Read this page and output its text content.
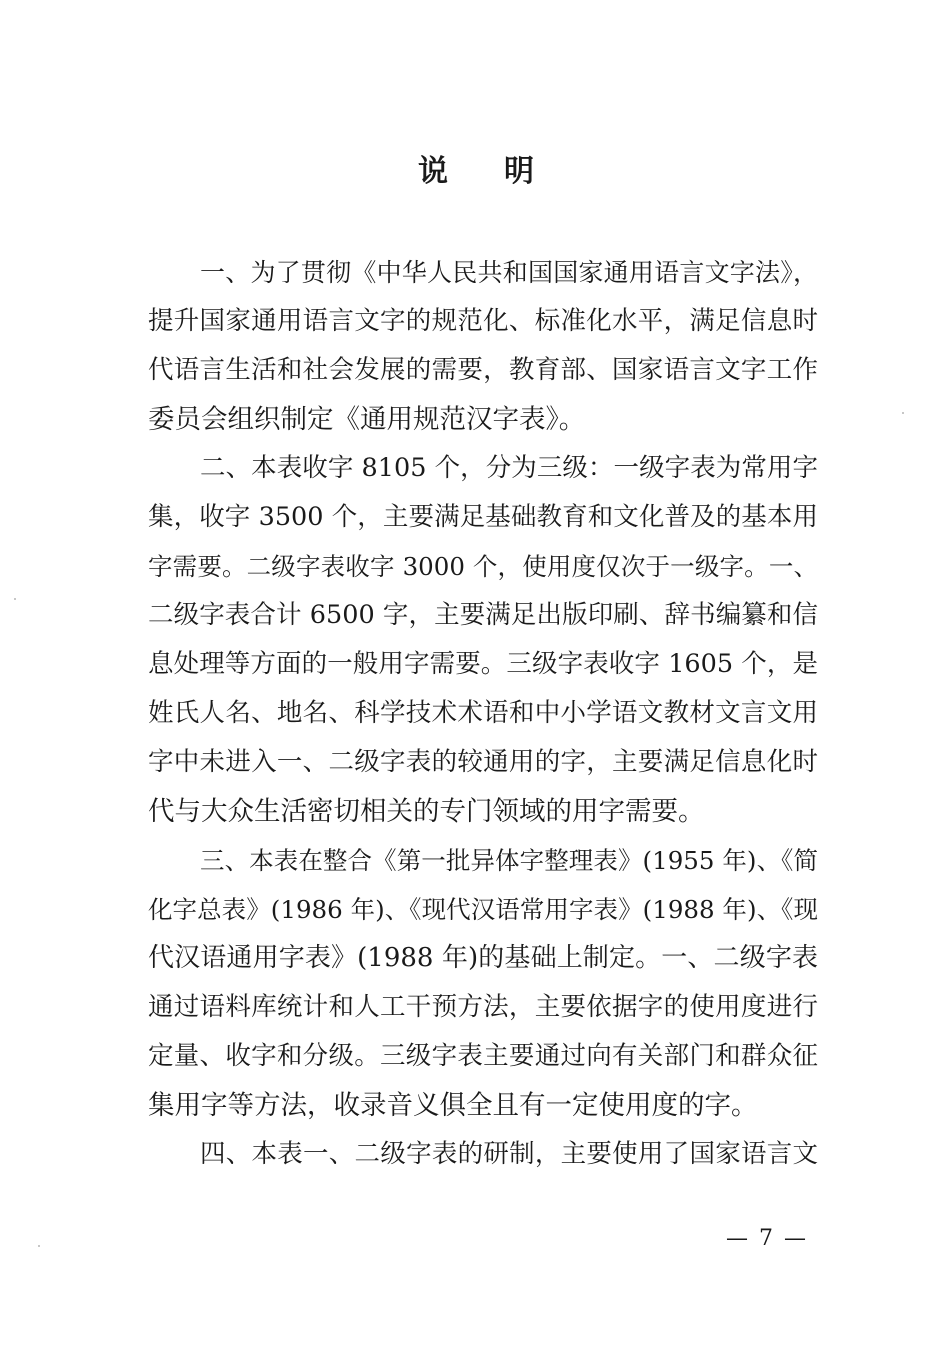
说明
一、为了贯彻《中华人民共和国国家通用语言文字法》，
提升国家通用语言文字的规范化、标准化水平，满足信息时
代语言生活和社会发展的需要，教育部、国家语言文字工作
委员会组织制定《通用规范汉字表》。
二、本表收字 8105 个，分为三级：一级字表为常用字
集，收字 3500 个，主要满足基础教育和文化普及的基本用
字需要。二级字表收字 3000 个，使用度仅次于一级字。一、
二级字表合计 6500 字，主要满足出版印刷、辞书编纂和信
息处理等方面的一般用字需要。三级字表收字 1605 个，是
姓氏人名、地名、科学技术术语和中小学语文教材文言文用
字中未进入一、二级字表的较通用的字，主要满足信息化时
代与大众生活密切相关的专门领域的用字需要。
三、本表在整合《第一批异体字整理表》(1955 年)、《简
化字总表》(1986 年)、《现代汉语常用字表》(1988 年)、《现
代汉语通用字表》(1988 年)的基础上制定。一、二级字表
通过语料库统计和人工干预方法，主要依据字的使用度进行
定量、收字和分级。三级字表主要通过向有关部门和群众征
集用字等方法，收录音义俱全且有一定使用度的字。
四、本表一、二级字表的研制，主要使用了国家语言文
— 7 —
